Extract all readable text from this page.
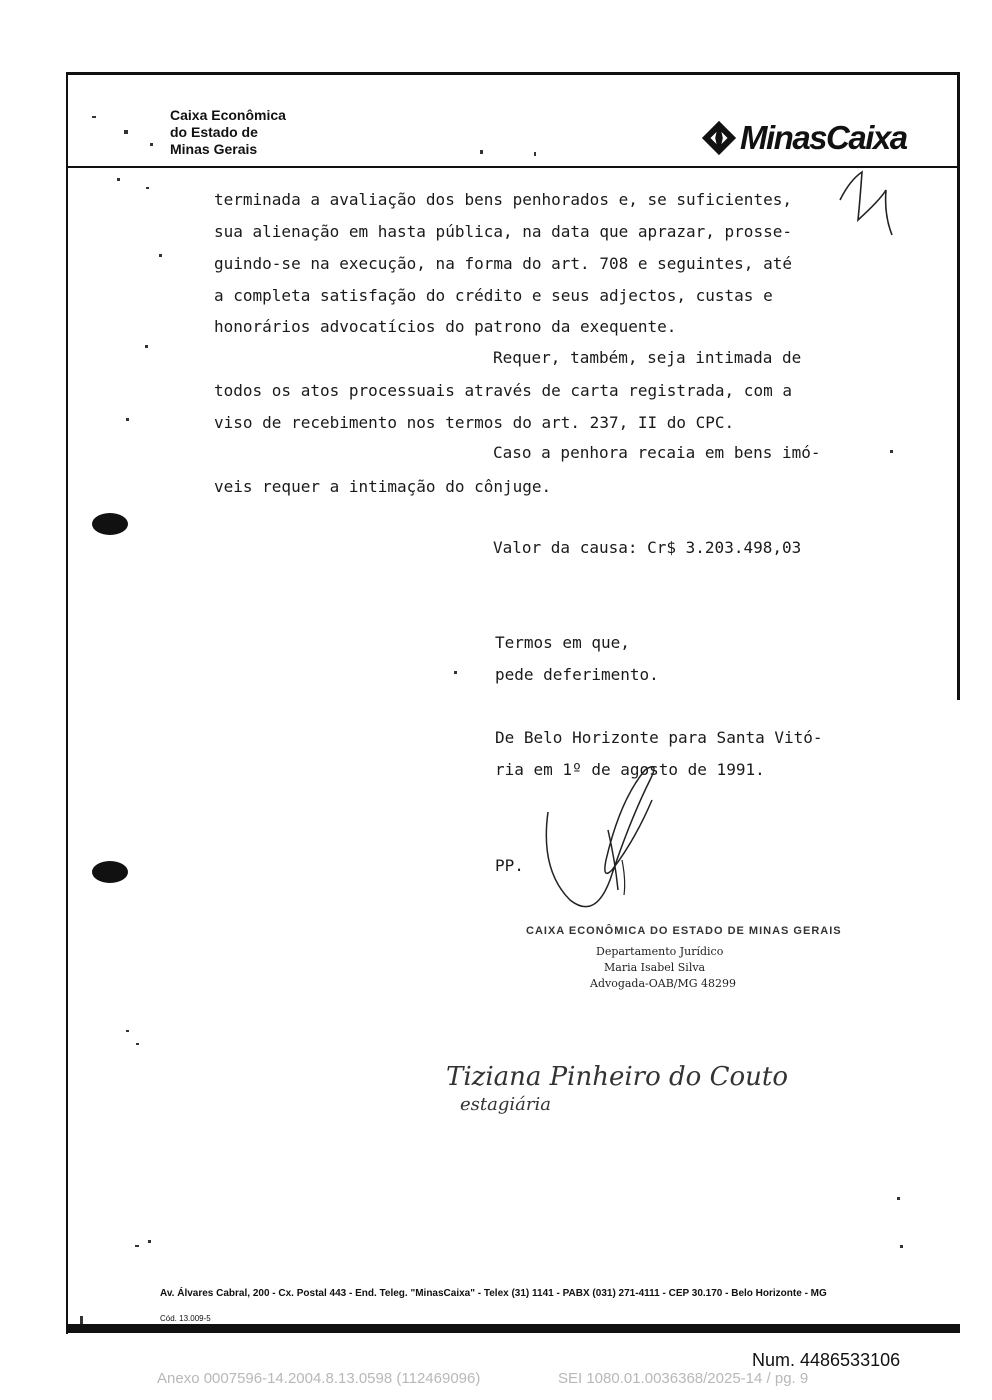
Caixa Econômica
do Estado de
Minas Gerais	MinasCaixa
terminada a avaliação dos bens penhorados e, se suficientes,
sua alienação em hasta pública, na data que aprazar, prosse-
guindo-se na execução, na forma do art. 708 e seguintes, até
a completa satisfação do crédito e seus adjectos, custas e
honorários advocatícios do patrono da exequente.
Requer, também, seja intimada de
todos os atos processuais através de carta registrada, com a
viso de recebimento nos termos do art. 237, II do CPC.
Caso a penhora recaia em bens imó-
veis requer a intimação do cônjuge.
Valor da causa: Cr$ 3.203.498,03
Termos em que,
pede deferimento.
De Belo Horizonte para Santa Vitó-
ria em 1º de agosto de 1991.
PP.
CAIXA ECONÔMICA DO ESTADO DE MINAS GERAIS
Departamento Jurídico
Maria Isabel Silva
Advogada-OAB/MG 48299
Tiziana Pinheiro do Couto
estagiária
Av. Álvares Cabral, 200 - Cx. Postal 443 - End. Teleg. "MinasCaixa" - Telex (31) 1141 - PABX (031) 271-4111 - CEP 30.170 - Belo Horizonte - MG
Cód. 13.009-5
Num. 4486533106
Anexo 0007596-14.2004.8.13.0598 (112469096)	SEI 1080.01.0036368/2025-14 / pg. 9
